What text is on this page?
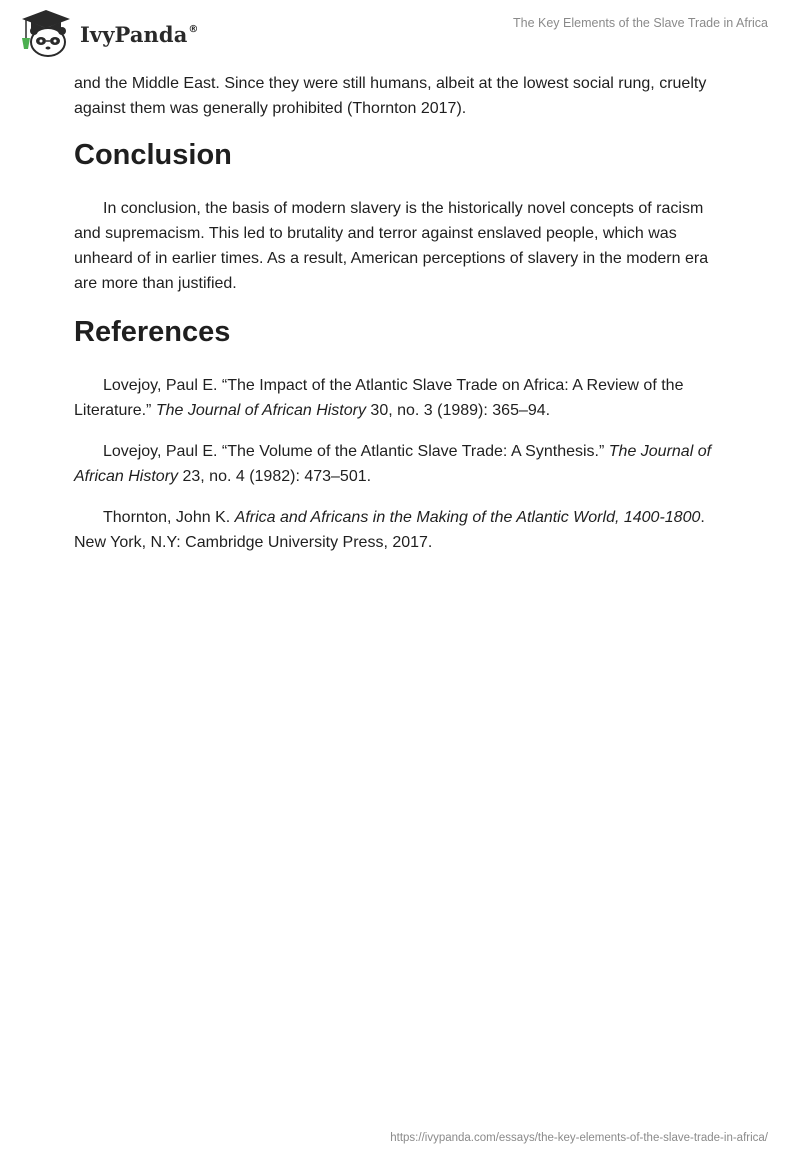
IvyPanda®	The Key Elements of the Slave Trade in Africa

and the Middle East. Since they were still humans, albeit at the lowest social rung, cruelty against them was generally prohibited (Thornton 2017).

Conclusion

In conclusion, the basis of modern slavery is the historically novel concepts of racism and supremacism. This led to brutality and terror against enslaved people, which was unheard of in earlier times. As a result, American perceptions of slavery in the modern era are more than justified.

References

Lovejoy, Paul E. “The Impact of the Atlantic Slave Trade on Africa: A Review of the Literature.” The Journal of African History 30, no. 3 (1989): 365–94.

Lovejoy, Paul E. “The Volume of the Atlantic Slave Trade: A Synthesis.” The Journal of African History 23, no. 4 (1982): 473–501.

Thornton, John K. Africa and Africans in the Making of the Atlantic World, 1400-1800. New York, N.Y: Cambridge University Press, 2017.

https://ivypanda.com/essays/the-key-elements-of-the-slave-trade-in-africa/
